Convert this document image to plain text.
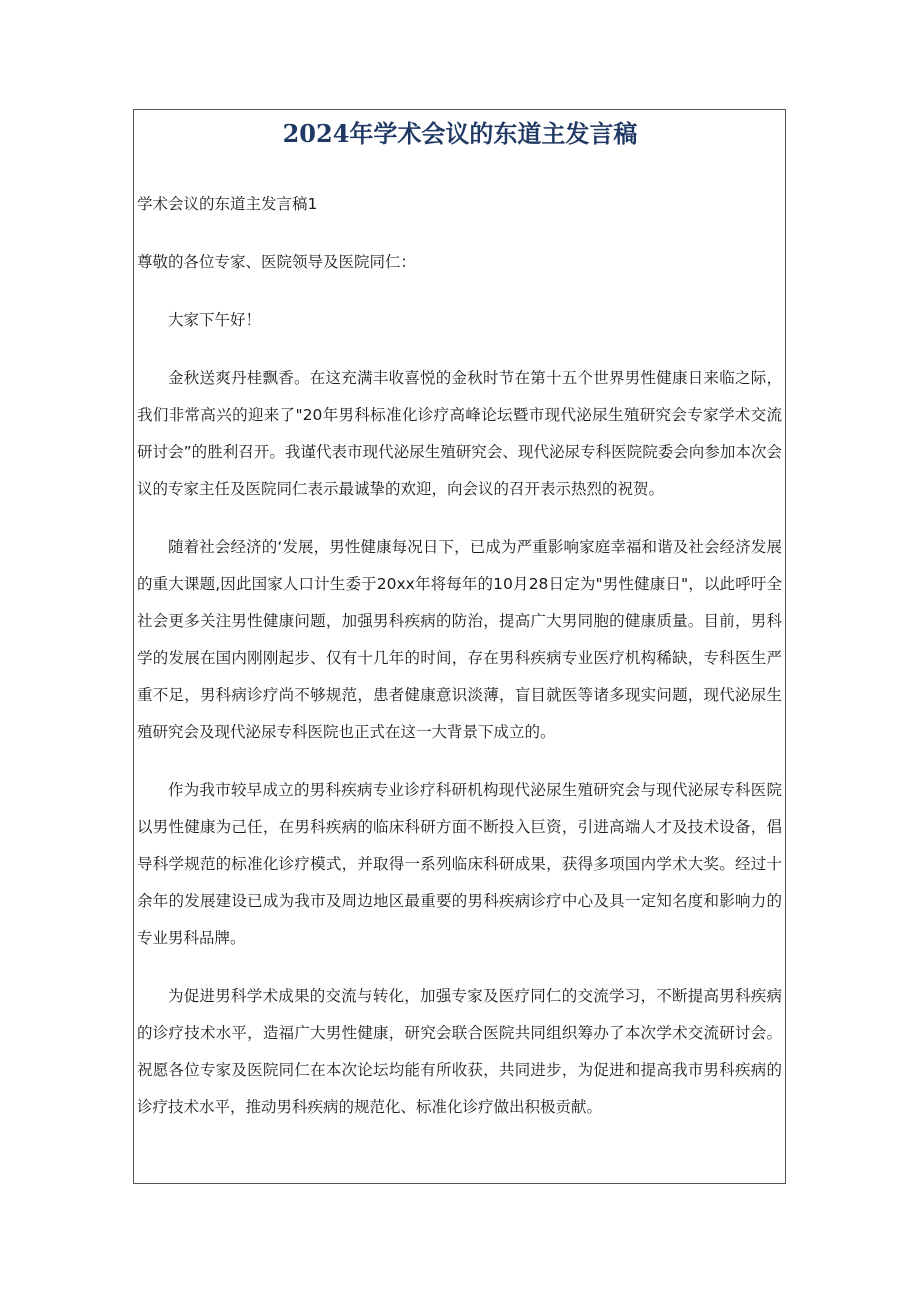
2024年学术会议的东道主发言稿

学术会议的东道主发言稿1

尊敬的各位专家、医院领导及医院同仁：

大家下午好！

金秋送爽丹桂飘香。在这充满丰收喜悦的金秋时节在第十五个世界男性健康日来临之际，我们非常高兴的迎来了"20年男科标准化诊疗高峰论坛暨市现代泌尿生殖研究会专家学术交流研讨会”的胜利召开。我谨代表市现代泌尿生殖研究会、现代泌尿专科医院院委会向参加本次会议的专家主任及医院同仁表示最诚挚的欢迎，向会议的召开表示热烈的祝贺。

随着社会经济的‘发展，男性健康每况日下，已成为严重影响家庭幸福和谐及社会经济发展的重大课题,因此国家人口计生委于20xx年将每年的10月28日定为"男性健康日"，以此呼吁全社会更多关注男性健康问题，加强男科疾病的防治，提高广大男同胞的健康质量。目前，男科学的发展在国内刚刚起步、仅有十几年的时间，存在男科疾病专业医疗机构稀缺，专科医生严重不足，男科病诊疗尚不够规范，患者健康意识淡薄，盲目就医等诸多现实问题，现代泌尿生殖研究会及现代泌尿专科医院也正式在这一大背景下成立的。

作为我市较早成立的男科疾病专业诊疗科研机构现代泌尿生殖研究会与现代泌尿专科医院以男性健康为己任，在男科疾病的临床科研方面不断投入巨资，引进高端人才及技术设备，倡导科学规范的标准化诊疗模式，并取得一系列临床科研成果，获得多项国内学术大奖。经过十余年的发展建设已成为我市及周边地区最重要的男科疾病诊疗中心及具一定知名度和影响力的专业男科品牌。

为促进男科学术成果的交流与转化，加强专家及医疗同仁的交流学习，不断提高男科疾病的诊疗技术水平，造福广大男性健康，研究会联合医院共同组织筹办了本次学术交流研讨会。祝愿各位专家及医院同仁在本次论坛均能有所收获，共同进步，为促进和提高我市男科疾病的诊疗技术水平，推动男科疾病的规范化、标准化诊疗做出积极贡献。
